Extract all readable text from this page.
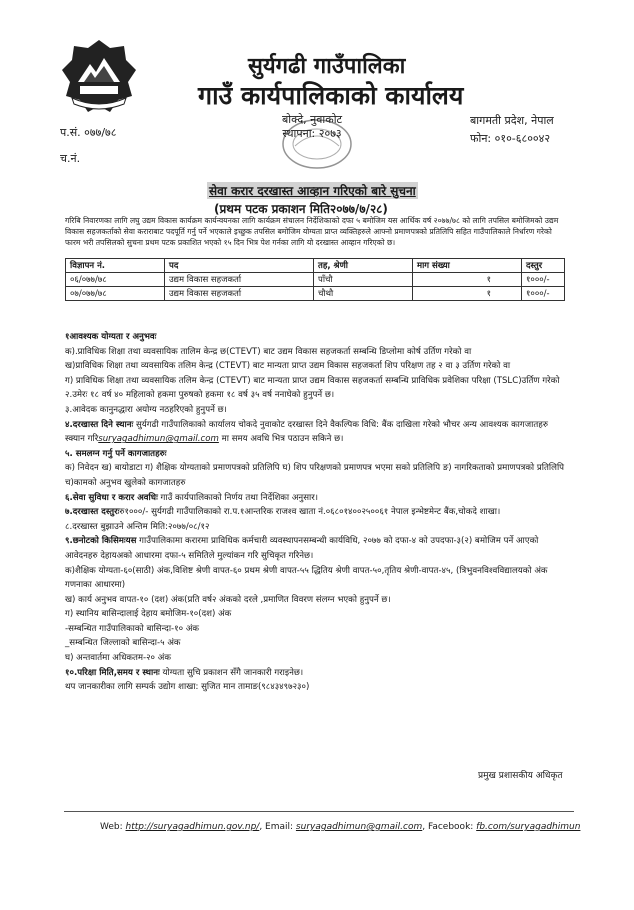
सुर्यगढी गाउँपालिका
गाउँ कार्यपालिकाको कार्यालय
बोक्दे, नुवाकोट
स्थापना: २०७३
बागमती प्रदेश, नेपाल
फोन: ०१०-६८००४२
प.सं. ०७७/७८
च.नं.
सेवा करार दरखास्त आव्हान गरिएको बारे सुचना
(प्रथम पटक प्रकाशन मिति२०७७/७/२८)
गरिबि निवारणका लागि लघु उद्यम विकास कार्यक्रम कार्यन्वयनका लागि कार्यक्रम संचालन निर्देशिकाको दफा ५ बमोजिम यस आर्थिक वर्ष २०७७/७८ को लागि तपसिल बमोजिमको उद्यम विकास सहजकर्ताको सेवा कराराबाट पदपूर्ति गर्नु पर्ने भएकाले इच्छुक तपसिल बमोजिम योग्यता प्राप्त व्यक्तिहरुले आफ्नो प्रमाणपत्रको प्रतिलिपि सहित गाउँपालिकाले निर्धारण गरेको फारम भरी तपसिलको सुचना प्रथम पटक प्रकाशित भएको १५ दिन भित्र पेश गर्नका लागि यो दरखास्त आव्हान गरिएको छ।
विज्ञापन नं.	पद	तह, श्रेणी	माग संख्या	दस्तुर
०६/०७७/७८	उद्यम विकास सहजकर्ता	पाँचौ	१	१०००/-
०७/०७७/७८	उद्यम विकास सहजकर्ता	चौथौ	१	१०००/-

१आवश्यक योग्यता र अनुभवः

क).प्राविधिक शिक्षा तथा व्यवसायिक तालिम केन्द्र छ(CTEVT) बाट उद्यम विकास सहजकर्ता सम्बन्धि डिप्लोमा कोर्ष उर्तिण गरेको वा

ख)प्राविधिक शिक्षा तथा व्यवसायिक तलिम केन्द्र (CTEVT) बाट मान्यता प्राप्त उद्यम विकास सहजकर्ता शिप परिक्षण तह २ वा ३ उर्तिण गरेको वा

ग) प्राविधिक शिक्षा तथा व्यवसायिक तलिम केन्द्र (CTEVT) बाट मान्यता प्राप्त उद्यम विकास सहजकर्ता सम्बन्धि प्राविधिक प्रवेशिका परिक्षा (TSLC)उर्तिण गरेको

२.उमेरः १८ वर्ष ४० महिलाको हकमा पुरुषको हकमा १८ वर्ष ३५ वर्ष ननाघेको हुनुपर्ने छ।

३.आवेदक कानुनद्धारा अयोग्य नठहरिएको हुनुपर्ने छ।

४.दरखास्त दिने स्थानः सुर्यगढी गाउँपालिकाको कार्यालय चोकदे नुवाकोट दरखास्त दिने वैकल्पिक विधि: बैंक दाखिला गरेको भौचर अन्य आवश्यक कागजातहरु स्क्यान गरिsuryagadhimun@gmail.com मा समय अवधि भित्र पठाउन सकिने छ।

५. समलग्न गर्नु पर्ने कागजातहरुः

क) निवेदन ख) बायोडाटा ग) शैक्षिक योग्यताको प्रमाणपत्रको प्रतिलिपि घ) शिप परिक्षणको प्रमाणपत्र भएमा सको प्रतिलिपि ङ) नागरिकताको प्रमाणपत्रको प्रतिलिपि च)कामको अनुभव खुलेको कागजातहरु

६.सेवा सुविधा र करार अवधिः गाउँ कार्यपालिकाको निर्णय तथा निर्देशिका अनुसार।

७.दरखास्त दस्तुरःरु१०००/- सुर्यगढी गाउँपालिकाको रा.प.१आन्तरिक राजश्व खाता नं.०६८०१४००२५००६१ नेपाल इन्भेष्टमेन्ट बैंक,चोकदे शाखा।

८.दरखास्त बुझाउने अन्तिम मिति:२०७७/०८/१२

९.छनोटको किसिमःयस गाउँपालिकामा करारमा प्राविधिक कर्मचारी व्यवस्थापनसम्बन्धी कार्यविधि, २०७७ को दफा-४ को उपदफा-३(२) बमोजिम पर्ने आएको आवेदनहरु देहायअको आधारमा दफा-५ समितिले मुल्यांकन गरि सुचिकृत गरिनेछ।

क)शैक्षिक योग्यता-६०(साठी) अंक,विशिष्ट श्रेणी वापत-६० प्रथम श्रेणी वापत-५५ द्धितिय श्रेणी वापत-५०,तृतिय श्रेणी-वापत-४५, (त्रिभुवनविश्वविद्यालयको अंक गणनाका आधारमा)

ख) कार्य अनुभव वापत-१० (दश) अंक(प्रति वर्ष२ अंकको दरले ,प्रमाणित विवरण संलग्न भएको हुनुपर्ने छ।

ग) स्थानिय बासिन्दालाई देहाय बमोजिम-१०(दश) अंक

-सम्बन्धित गाउँपालिकाको बासिन्दा-१० अंक

_सम्बन्धित जिल्लाको बासिन्दा-५ अंक

घ) अन्तवार्तमा अधिकतम-२० अंक

१०.परिक्षा मिति,समय र स्थानः योग्यता सुचि प्रकाशन सँगै जानकारी गराइनेछ।

थप जानकारीका लागि सम्पर्क उद्योग शाखा: सुजित मान तामाङ(९८४३४९७२३०)

प्रमुख प्रशासकीय अधिकृत
Web: http://suryagadhimun.gov.np/, Email: suryagadhimun@gmail.com, Facebook: fb.com/suryagadhimun
